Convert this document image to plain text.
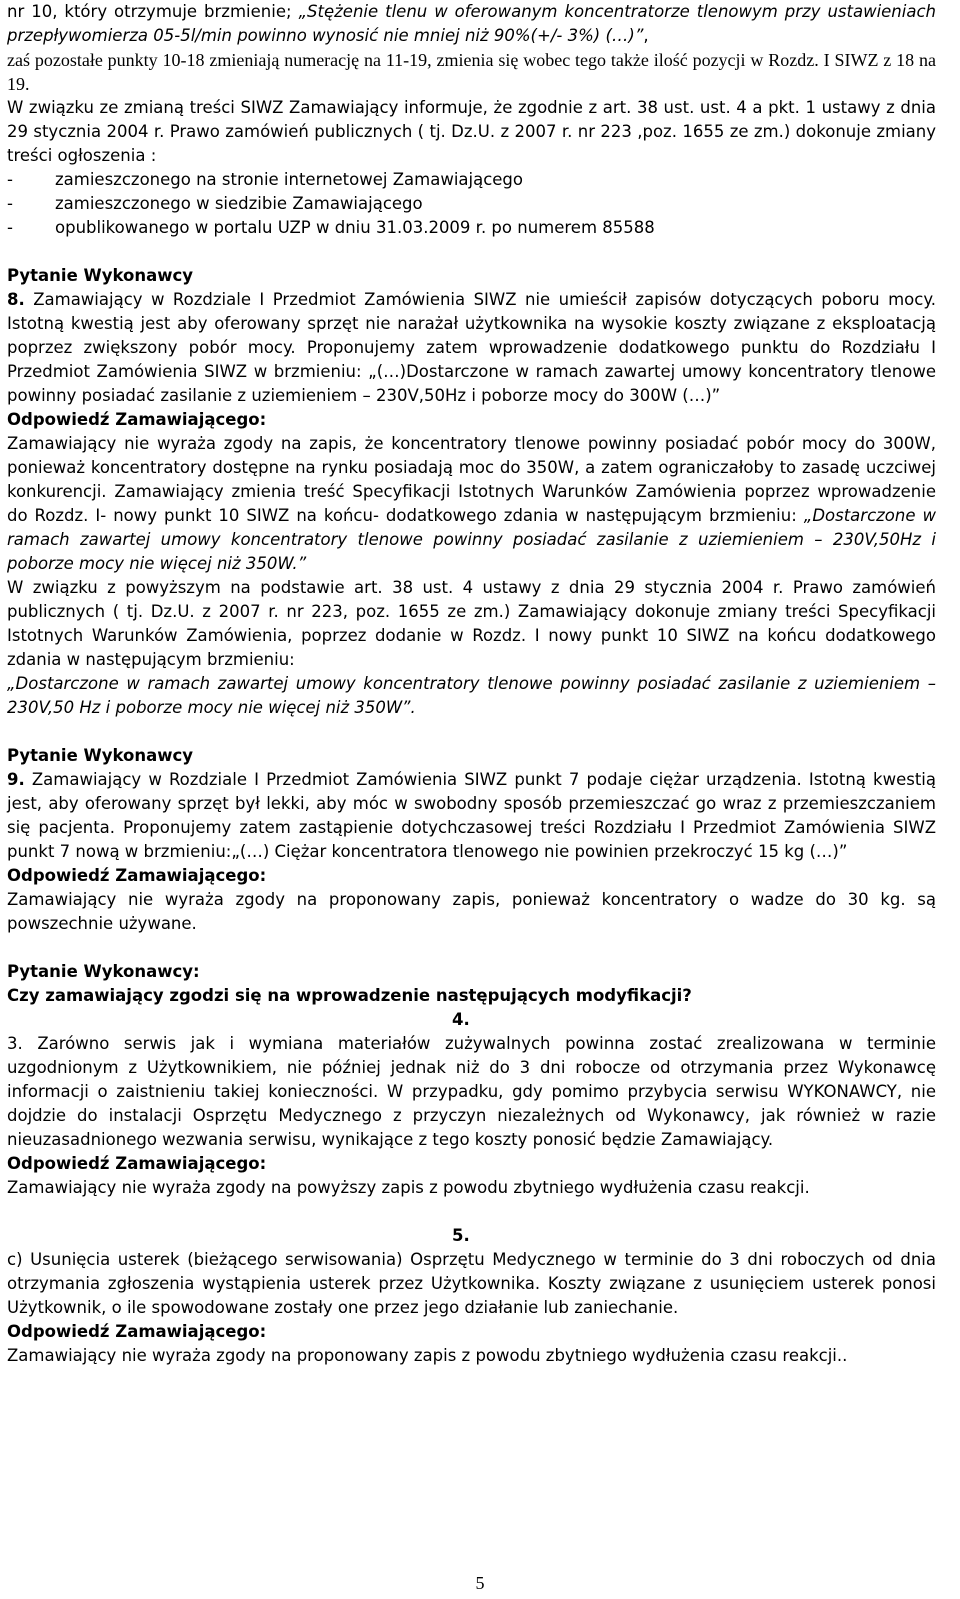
nr 10, który otrzymuje brzmienie; „Stężenie tlenu w oferowanym koncentratorze tlenowym przy ustawieniach przepływomierza 05-5l/min powinno wynosić nie mniej niż 90%(+/- 3%) (…)”,

zaś pozostałe punkty 10-18 zmieniają numerację na 11-19, zmienia się wobec tego także ilość pozycji w Rozdz. I SIWZ z 18 na 19.

W związku ze zmianą treści SIWZ Zamawiający informuje, że zgodnie z art. 38 ust. ust. 4 a pkt. 1 ustawy z dnia 29 stycznia 2004 r. Prawo zamówień publicznych ( tj. Dz.U. z 2007 r. nr 223 ,poz. 1655 ze zm.) dokonuje zmiany treści ogłoszenia :

-	zamieszczonego na stronie internetowej Zamawiającego
-	zamieszczonego w siedzibie Zamawiającego
-	opublikowanego w portalu UZP w dniu 31.03.2009 r. po numerem 85588

Pytanie Wykonawcy

8. Zamawiający w Rozdziale I Przedmiot Zamówienia SIWZ nie umieścił zapisów dotyczących poboru mocy. Istotną kwestią jest aby oferowany sprzęt nie narażał użytkownika na wysokie koszty związane z eksploatacją poprzez zwiększony pobór mocy. Proponujemy zatem wprowadzenie dodatkowego punktu do Rozdziału I Przedmiot Zamówienia SIWZ w brzmieniu: „(…)Dostarczone w ramach zawartej umowy koncentratory tlenowe powinny posiadać zasilanie z uziemieniem – 230V,50Hz i poborze mocy do 300W (…)”

Odpowiedź Zamawiającego:

Zamawiający nie wyraża zgody na zapis, że koncentratory tlenowe powinny posiadać pobór mocy do 300W, ponieważ koncentratory dostępne na rynku posiadają moc do 350W, a zatem ograniczałoby to zasadę uczciwej konkurencji. Zamawiający zmienia treść Specyfikacji Istotnych Warunków Zamówienia poprzez wprowadzenie do Rozdz. I- nowy punkt 10 SIWZ na końcu- dodatkowego zdania w następującym brzmieniu: „Dostarczone w ramach zawartej umowy koncentratory tlenowe powinny posiadać zasilanie z uziemieniem – 230V,50Hz i poborze mocy nie więcej niż 350W.”

W związku z powyższym na podstawie art. 38 ust. 4 ustawy z dnia 29 stycznia 2004 r. Prawo zamówień publicznych ( tj. Dz.U. z 2007 r. nr 223, poz. 1655 ze zm.) Zamawiający dokonuje zmiany treści Specyfikacji Istotnych Warunków Zamówienia, poprzez dodanie w Rozdz. I nowy punkt 10 SIWZ na końcu dodatkowego zdania w następującym brzmieniu:

„Dostarczone w ramach zawartej umowy koncentratory tlenowe powinny posiadać zasilanie z uziemieniem – 230V,50 Hz i poborze mocy nie więcej niż 350W”.

Pytanie Wykonawcy

9. Zamawiający w Rozdziale I Przedmiot Zamówienia SIWZ punkt 7 podaje ciężar urządzenia. Istotną kwestią jest, aby oferowany sprzęt był lekki, aby móc w swobodny sposób przemieszczać go wraz z przemieszczaniem się pacjenta. Proponujemy zatem zastąpienie dotychczasowej treści Rozdziału I Przedmiot Zamówienia SIWZ punkt 7 nową w brzmieniu:„(…) Ciężar koncentratora tlenowego nie powinien przekroczyć 15 kg (…)”

Odpowiedź Zamawiającego:

Zamawiający nie wyraża zgody na proponowany zapis, ponieważ koncentratory o wadze do 30 kg. są powszechnie używane.

Pytanie Wykonawcy:

Czy zamawiający zgodzi się na wprowadzenie następujących modyfikacji?

4.

3. Zarówno serwis jak i wymiana materiałów zużywalnych powinna zostać zrealizowana w terminie uzgodnionym z Użytkownikiem, nie później jednak niż do 3 dni robocze od otrzymania przez Wykonawcę informacji o zaistnieniu takiej konieczności. W przypadku, gdy pomimo przybycia serwisu WYKONAWCY, nie dojdzie do instalacji Osprzętu Medycznego z przyczyn niezależnych od Wykonawcy, jak również w razie nieuzasadnionego wezwania serwisu, wynikające z tego koszty ponosić będzie Zamawiający.

Odpowiedź Zamawiającego:

Zamawiający nie wyraża zgody na powyższy zapis z powodu zbytniego wydłużenia czasu reakcji.

5.

c) Usunięcia usterek (bieżącego serwisowania) Osprzętu Medycznego w terminie do 3 dni roboczych od dnia otrzymania zgłoszenia wystąpienia usterek przez Użytkownika. Koszty związane z usunięciem usterek ponosi Użytkownik, o ile spowodowane zostały one przez jego działanie lub zaniechanie.

Odpowiedź Zamawiającego:

Zamawiający nie wyraża zgody na proponowany zapis z powodu zbytniego wydłużenia czasu reakcji..

5
